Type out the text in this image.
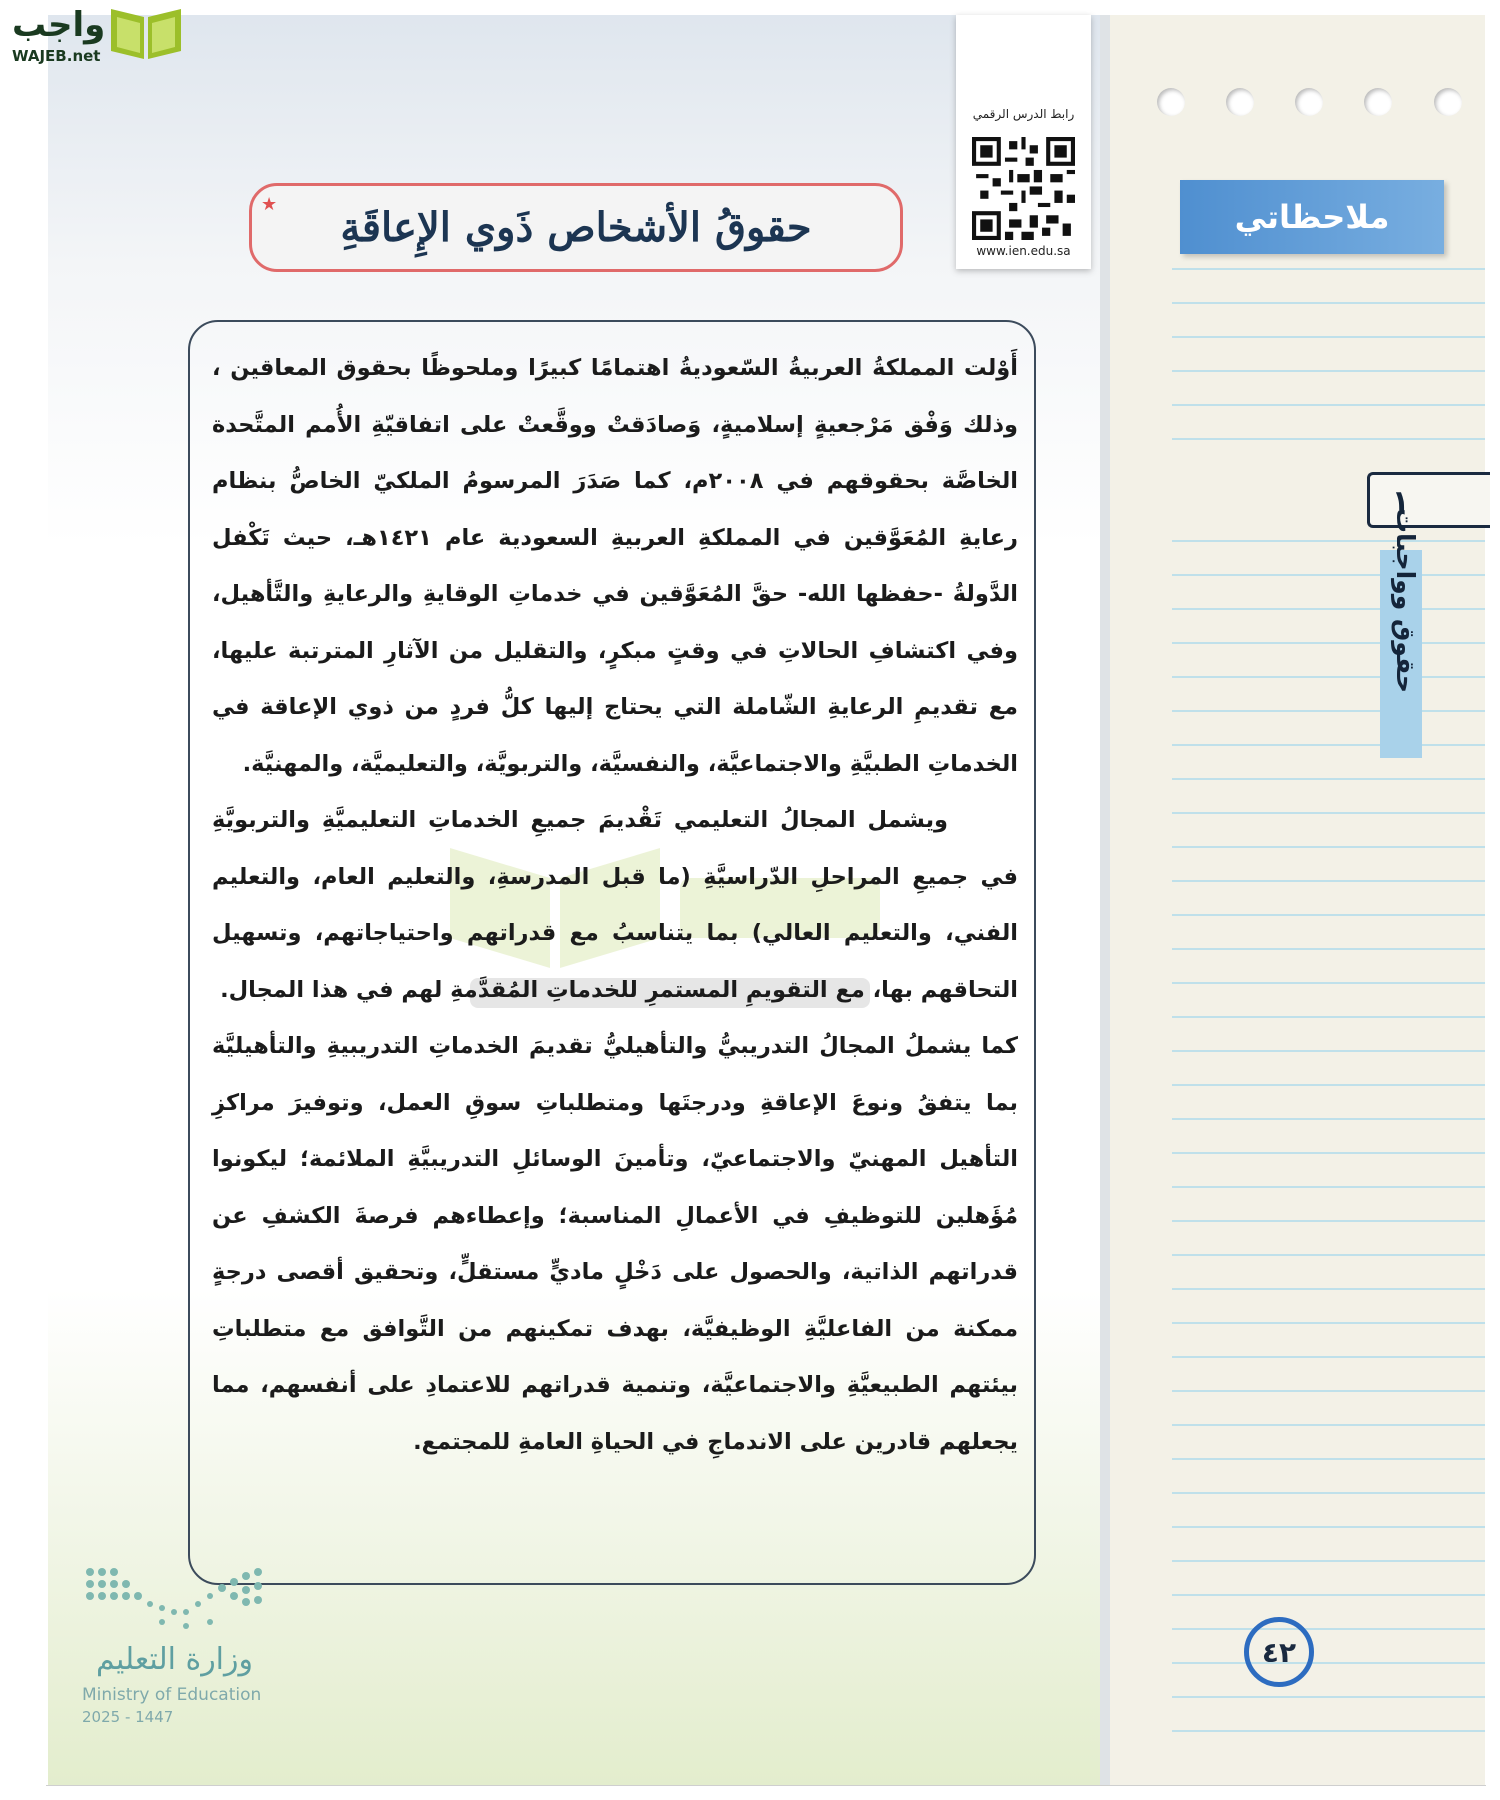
ملاحظاتي
١
٤٢
رابط الدرس الرقمي
www.ien.edu.sa
حقوقُ الأشخاص ذَوي الإِعاقَةِ
★

أَوْلت المملكةُ العربيةُ السّعوديةُ اهتمامًا كبيرًا وملحوظًا بحقوق المعاقين ، وذلك وَفْق مَرْجعيةٍ إسلاميةٍ، وَصادَقتْ ووقَّعتْ على اتفاقيّةِ الأُمم المتَّحدة الخاصَّة بحقوقهم في ٢٠٠٨م، كما صَدَرَ المرسومُ الملكيّ الخاصُّ بنظام رعايةِ المُعَوَّقين في المملكةِ العربيةِ السعودية عام ١٤٢١هـ، حيث تَكْفل الدَّولةُ -حفظها الله- حقَّ المُعَوَّقين في خدماتِ الوقايةِ والرعايةِ والتَّأهيل، وفي اكتشافِ الحالاتِ في وقتٍ مبكرٍ، والتقليل من الآثارِ المترتبة عليها، مع تقديمِ الرعايةِ الشّاملة التي يحتاج إليها كلُّ فردٍ من ذوي الإعاقة في الخدماتِ الطبيَّةِ والاجتماعيَّة، والنفسيَّة، والتربويَّة، والتعليميَّة، والمهنيَّة.

ويشمل المجالُ التعليمي تَقْديمَ جميعِ الخدماتِ التعليميَّةِ والتربويَّةِ في جميعِ المراحلِ الدّراسيَّةِ (ما قبل المدرسةِ، والتعليم العام، والتعليم الفني، والتعليم العالي) بما يتناسبُ مع قدراتهم واحتياجاتهم، وتسهيل التحاقهم بها، مع التقويمِ المستمرِ للخدماتِ المُقدَّمةِ لهم في هذا المجال.

كما يشملُ المجالُ التدريبيُّ والتأهيليُّ تقديمَ الخدماتِ التدريبيةِ والتأهيليَّة بما يتفقُ ونوعَ الإعاقةِ ودرجتَها ومتطلباتِ سوقِ العمل، وتوفيرَ مراكزِ التأهيل المهنيّ والاجتماعيّ، وتأمينَ الوسائلِ التدريبيَّةِ الملائمة؛ ليكونوا مُؤَهلين للتوظيفِ في الأعمالِ المناسبة؛ وإعطاءهم فرصةَ الكشفِ عن قدراتهم الذاتية، والحصول على دَخْلٍ ماديٍّ مستقلٍّ، وتحقيق أقصى درجةٍ ممكنة من الفاعليَّةِ الوظيفيَّة، بهدف تمكينهم من التَّوافق مع متطلباتِ بيئتهم الطبيعيَّةِ والاجتماعيَّة، وتنمية قدراتهم للاعتمادِ على أنفسهم، مما يجعلهم قادرين على الاندماجِ في الحياةِ العامةِ للمجتمع.

واجب
WAJEB.net
وزارة التعليم
Ministry of Education
2025 - 1447
